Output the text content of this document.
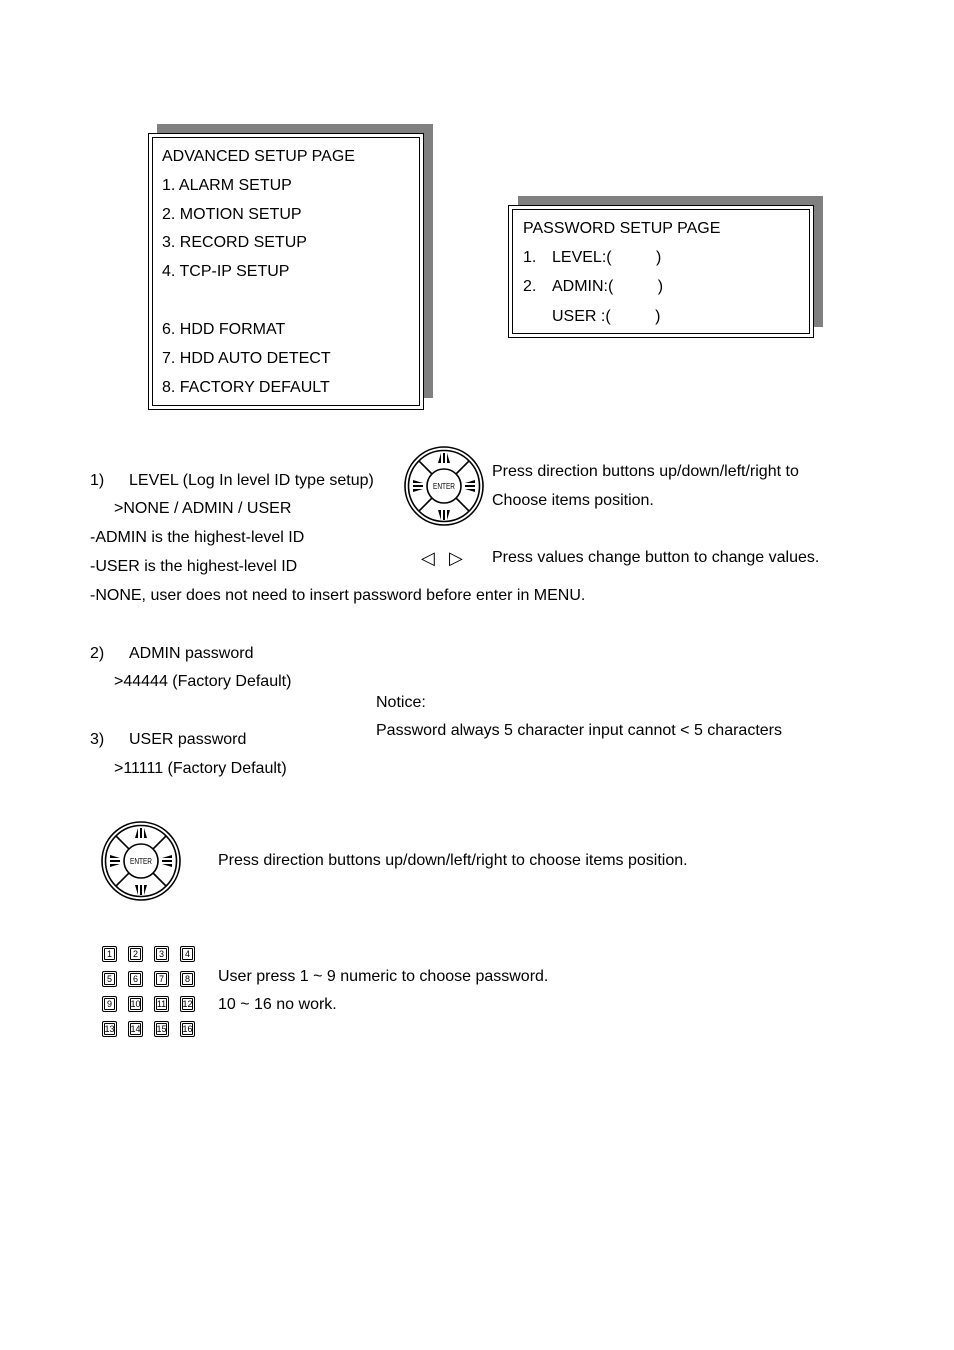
ADVANCED SETUP PAGE
1. ALARM SETUP
2. MOTION SETUP
3. RECORD SETUP
4. TCP-IP SETUP
6. HDD FORMAT
7. HDD AUTO DETECT
8. FACTORY DEFAULT
PASSWORD SETUP PAGE
1. LEVEL:(          )
2. ADMIN:(          )
USER :(          )
1) LEVEL (Log In level ID type setup)
>NONE / ADMIN / USER
-ADMIN is the highest-level ID
-USER is the highest-level ID
-NONE, user does not need to insert password before enter in MENU.
ENTER
Press direction buttons up/down/left/right to
Choose items position.
◁ ▷ Press values change button to change values.
2) ADMIN password
>44444 (Factory Default)
Notice:
Password always 5 character input cannot < 5 characters
3) USER password
>11111 (Factory Default)
ENTER	Press direction buttons up/down/left/right to choose items position.
1	2	3	4
5	6	7	8
9	10	11	12
13 14 15 16
User press 1 ~ 9 numeric to choose password.
10 ~ 16 no work.
